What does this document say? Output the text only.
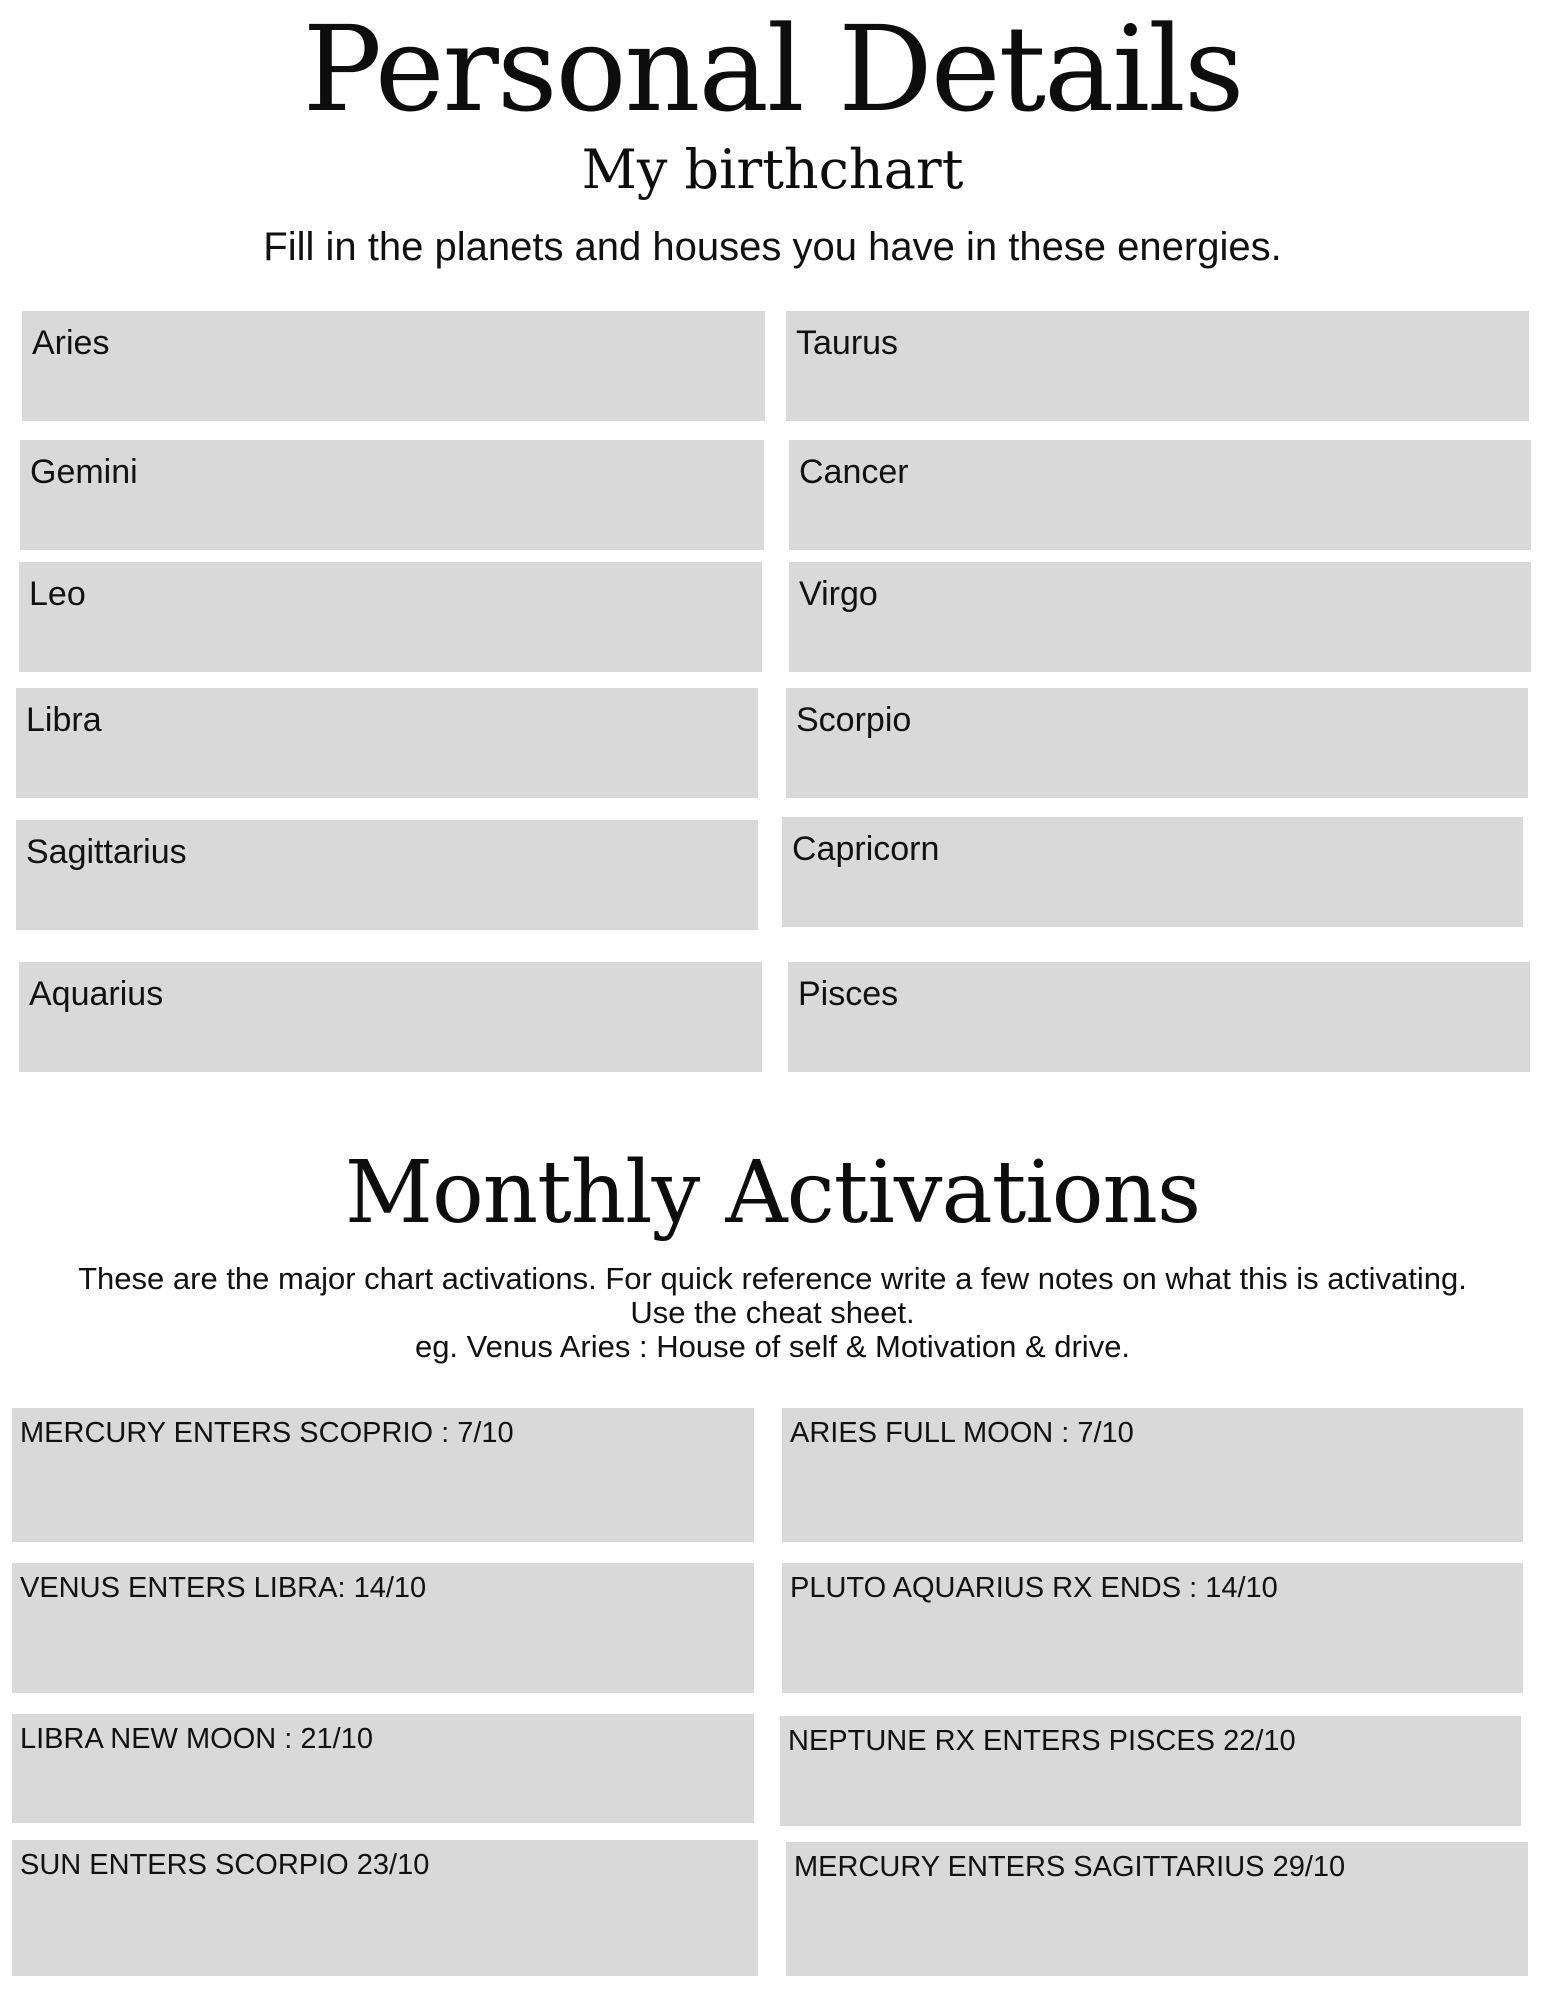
Personal Details
My birthchart
Fill in the planets and houses you have in these energies.
Aries	Taurus
Gemini	Cancer
Leo	Virgo
Libra	Scorpio
Sagittarius	Capricorn
Aquarius	Pisces
Monthly Activations
These are the major chart activations. For quick reference write a few notes on what this is activating.
Use the cheat sheet.
eg. Venus Aries : House of self & Motivation & drive.
MERCURY ENTERS SCOPRIO : 7/10	ARIES FULL MOON : 7/10
VENUS ENTERS LIBRA: 14/10	PLUTO AQUARIUS RX ENDS : 14/10
LIBRA NEW MOON : 21/10	NEPTUNE RX ENTERS PISCES 22/10
SUN ENTERS SCORPIO 23/10	MERCURY ENTERS SAGITTARIUS 29/10
